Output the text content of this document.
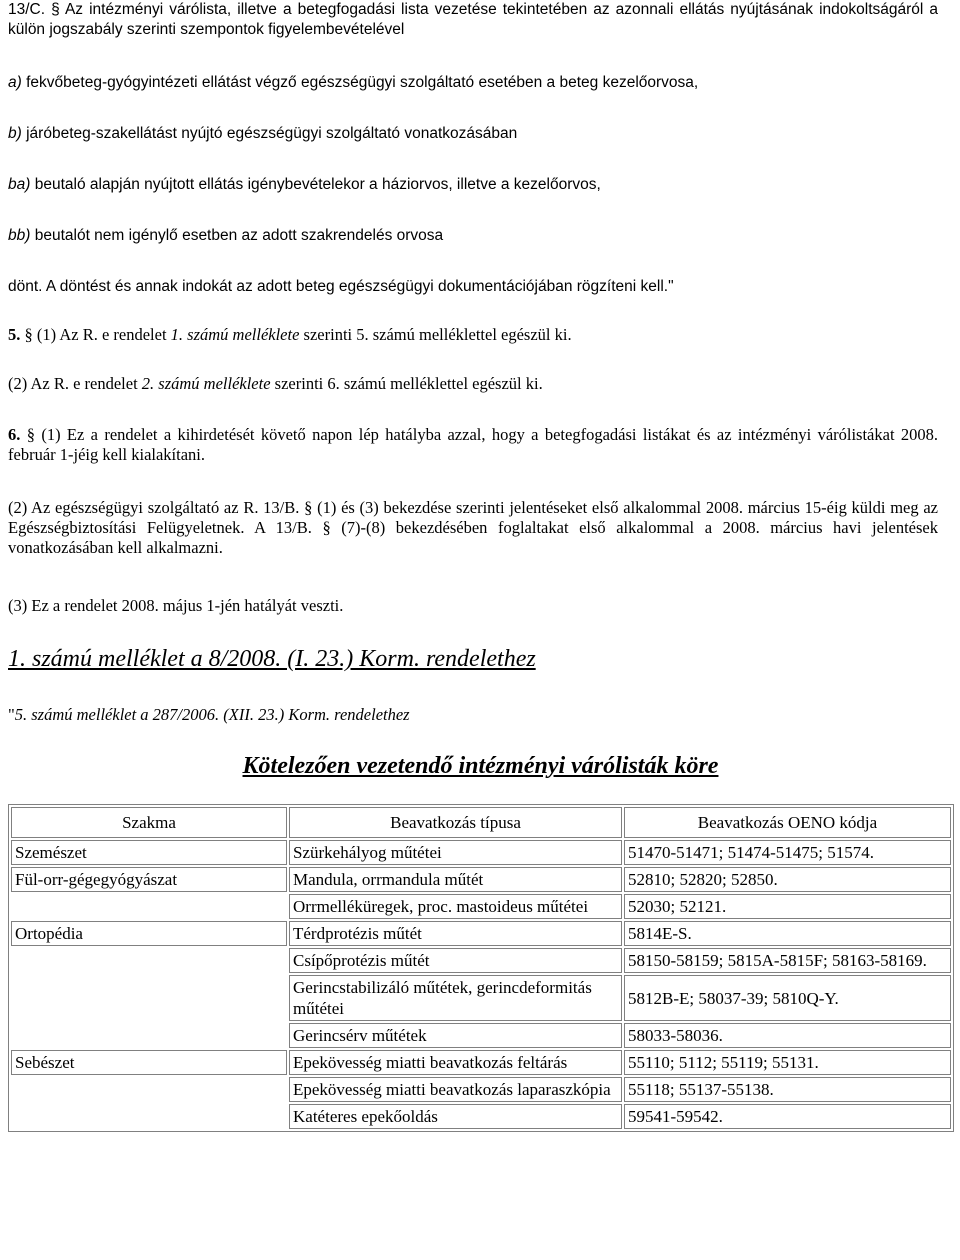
13/C. § Az intézményi várólista, illetve a betegfogadási lista vezetése tekintetében az azonnali ellátás nyújtásának indokoltságáról a külön jogszabály szerinti szempontok figyelembevételével
a) fekvőbeteg-gyógyintézeti ellátást végző egészségügyi szolgáltató esetében a beteg kezelőorvosa,
b) járóbeteg-szakellátást nyújtó egészségügyi szolgáltató vonatkozásában
ba) beutaló alapján nyújtott ellátás igénybevételekor a háziorvos, illetve a kezelőorvos,
bb) beutalót nem igénylő esetben az adott szakrendelés orvosa
dönt. A döntést és annak indokát az adott beteg egészségügyi dokumentációjában rögzíteni kell."
5. § (1) Az R. e rendelet 1. számú melléklete szerinti 5. számú melléklettel egészül ki.
(2) Az R. e rendelet 2. számú melléklete szerinti 6. számú melléklettel egészül ki.
6. § (1) Ez a rendelet a kihirdetését követő napon lép hatályba azzal, hogy a betegfogadási listákat és az intézményi várólistákat 2008. február 1-jéig kell kialakítani.
(2) Az egészségügyi szolgáltató az R. 13/B. § (1) és (3) bekezdése szerinti jelentéseket első alkalommal 2008. március 15-éig küldi meg az Egészségbiztosítási Felügyeletnek. A 13/B. § (7)-(8) bekezdésében foglaltakat első alkalommal a 2008. március havi jelentések vonatkozásában kell alkalmazni.
(3) Ez a rendelet 2008. május 1-jén hatályát veszti.
1. számú melléklet a 8/2008. (I. 23.) Korm. rendelethez
"5. számú melléklet a 287/2006. (XII. 23.) Korm. rendelethez
Kötelezően vezetendő intézményi várólisták köre
Szakma	Beavatkozás típusa	Beavatkozás OENO kódja
Szemészet	Szürkehályog műtétei	51470-51471; 51474-51475; 51574.
Fül-orr-gégegyógyászat	Mandula, orrmandula műtét	52810; 52820; 52850.
	Orrmelléküregek, proc. mastoideus műtétei	52030; 52121.
Ortopédia	Térdprotézis műtét	5814E-S.
	Csípőprotézis műtét	58150-58159; 5815A-5815F; 58163-58169.
	Gerincstabilizáló műtétek, gerincdeformitás műtétei	5812B-E; 58037-39; 5810Q-Y.
	Gerincsérv műtétek	58033-58036.
Sebészet	Epekövesség miatti beavatkozás feltárás	55110; 5112; 55119; 55131.
	Epekövesség miatti beavatkozás laparaszkópia	55118; 55137-55138.
	Katéteres epekőoldás	59541-59542.
